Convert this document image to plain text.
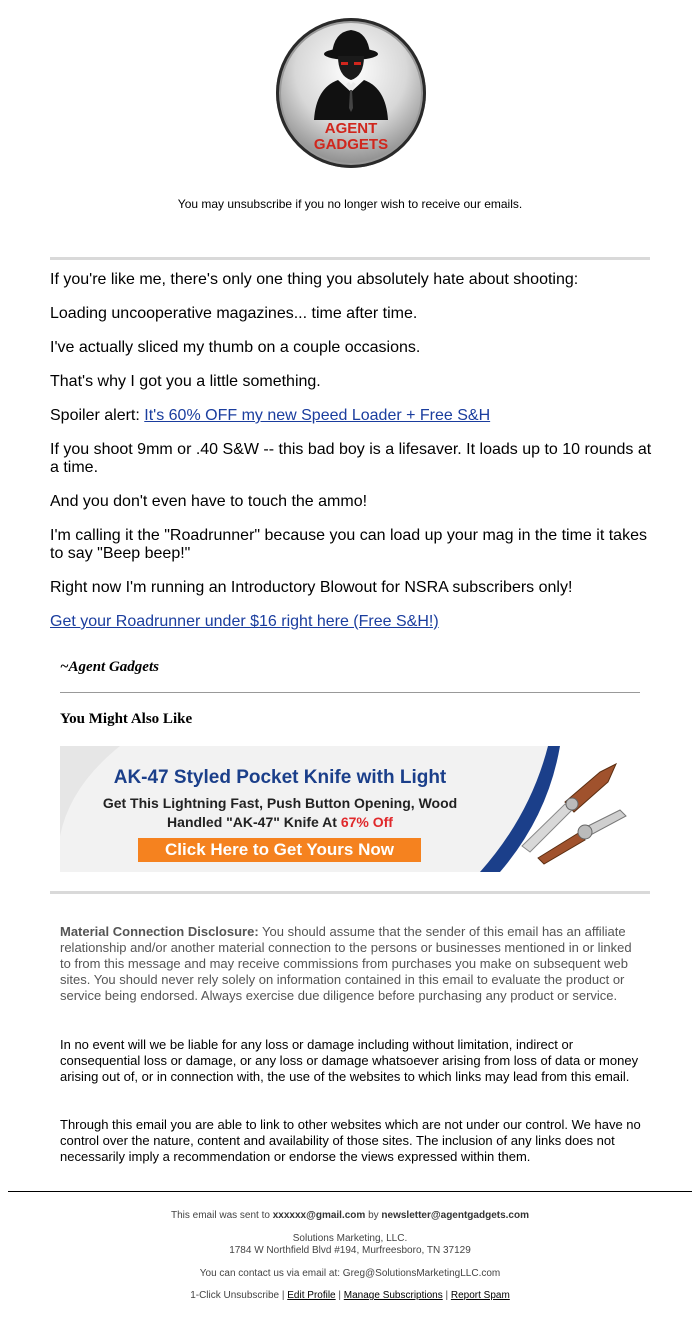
AGENT
GADGETS
You may unsubscribe if you no longer wish to receive our emails.
If you're like me, there's only one thing you absolutely hate about shooting:
Loading uncooperative magazines... time after time.
I've actually sliced my thumb on a couple occasions.
That's why I got you a little something.
Spoiler alert: It's 60% OFF my new Speed Loader + Free S&H
If you shoot 9mm or .40 S&W -- this bad boy is a lifesaver. It loads up to 10 rounds at a time.
And you don't even have to touch the ammo!
I'm calling it the "Roadrunner" because you can load up your mag in the time it takes to say "Beep beep!"
Right now I'm running an Introductory Blowout for NSRA subscribers only!
Get your Roadrunner under $16 right here (Free S&H!)
~Agent Gadgets
You Might Also Like
AK-47 Styled Pocket Knife with Light
Get This Lightning Fast, Push Button Opening, Wood
Handled "AK-47" Knife At 67% Off
Click Here to Get Yours Now
Material Connection Disclosure: You should assume that the sender of this email has an affiliate relationship and/or another material connection to the persons or businesses mentioned in or linked to from this message and may receive commissions from purchases you make on subsequent web sites. You should never rely solely on information contained in this email to evaluate the product or service being endorsed. Always exercise due diligence before purchasing any product or service.
In no event will we be liable for any loss or damage including without limitation, indirect or consequential loss or damage, or any loss or damage whatsoever arising from loss of data or money arising out of, or in connection with, the use of the websites to which links may lead from this email.
Through this email you are able to link to other websites which are not under our control. We have no control over the nature, content and availability of those sites. The inclusion of any links does not necessarily imply a recommendation or endorse the views expressed within them.
This email was sent to xxxxxx@gmail.com by newsletter@agentgadgets.com
Solutions Marketing, LLC.
1784 W Northfield Blvd #194, Murfreesboro, TN 37129
You can contact us via email at: Greg@SolutionsMarketingLLC.com
1-Click Unsubscribe | Edit Profile | Manage Subscriptions | Report Spam
